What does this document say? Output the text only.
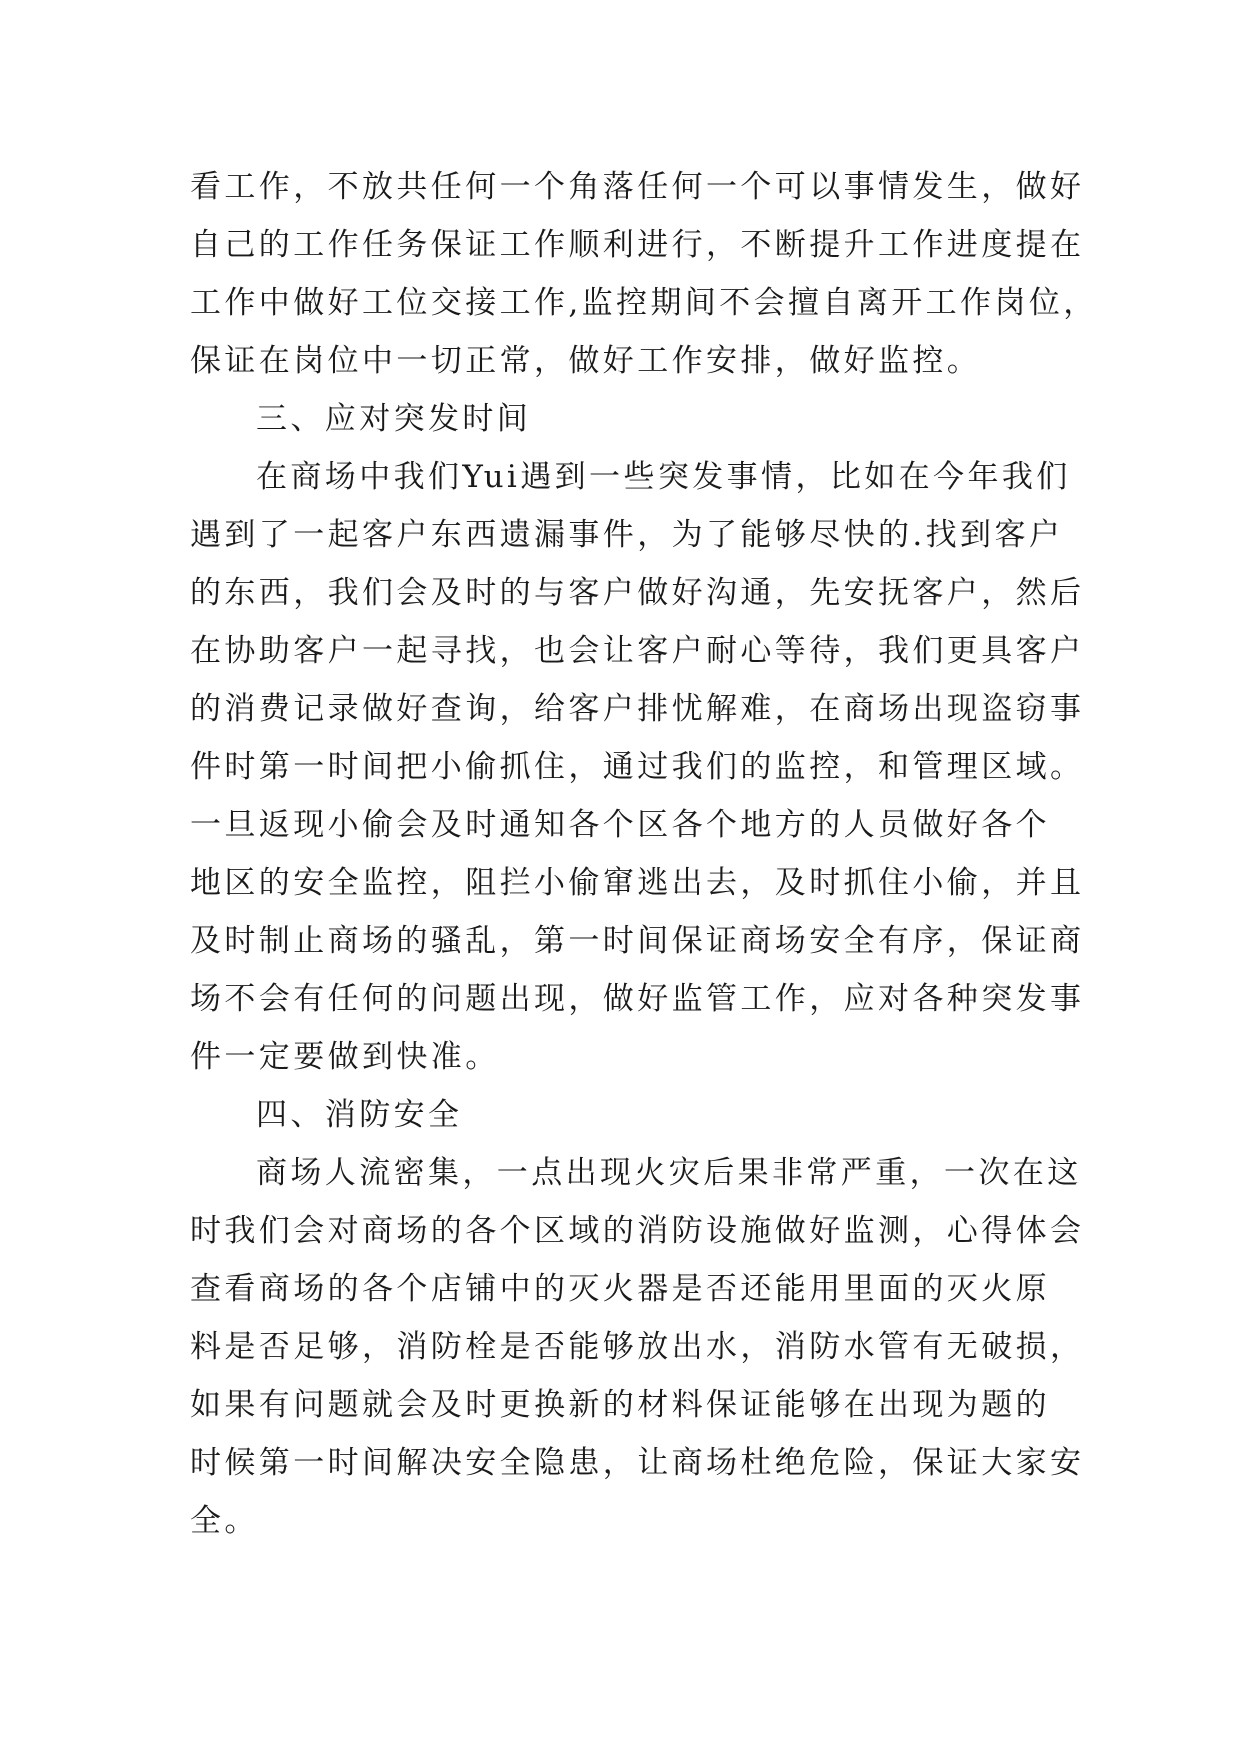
看工作，不放共任何一个角落任何一个可以事情发生，做好
自己的工作任务保证工作顺利进行，不断提升工作进度提在
工作中做好工位交接工作,监控期间不会擅自离开工作岗位，
保证在岗位中一切正常，做好工作安排，做好监控。
三、应对突发时间
在商场中我们Yui遇到一些突发事情，比如在今年我们
遇到了一起客户东西遗漏事件，为了能够尽快的.找到客户
的东西，我们会及时的与客户做好沟通，先安抚客户，然后
在协助客户一起寻找，也会让客户耐心等待，我们更具客户
的消费记录做好查询，给客户排忧解难，在商场出现盗窃事
件时第一时间把小偷抓住，通过我们的监控，和管理区域。
一旦返现小偷会及时通知各个区各个地方的人员做好各个
地区的安全监控，阻拦小偷窜逃出去，及时抓住小偷，并且
及时制止商场的骚乱，第一时间保证商场安全有序，保证商
场不会有任何的问题出现，做好监管工作，应对各种突发事
件一定要做到快准。
四、消防安全
商场人流密集，一点出现火灾后果非常严重，一次在这
时我们会对商场的各个区域的消防设施做好监测，心得体会
查看商场的各个店铺中的灭火器是否还能用里面的灭火原
料是否足够，消防栓是否能够放出水，消防水管有无破损，
如果有问题就会及时更换新的材料保证能够在出现为题的
时候第一时间解决安全隐患，让商场杜绝危险，保证大家安
全。
